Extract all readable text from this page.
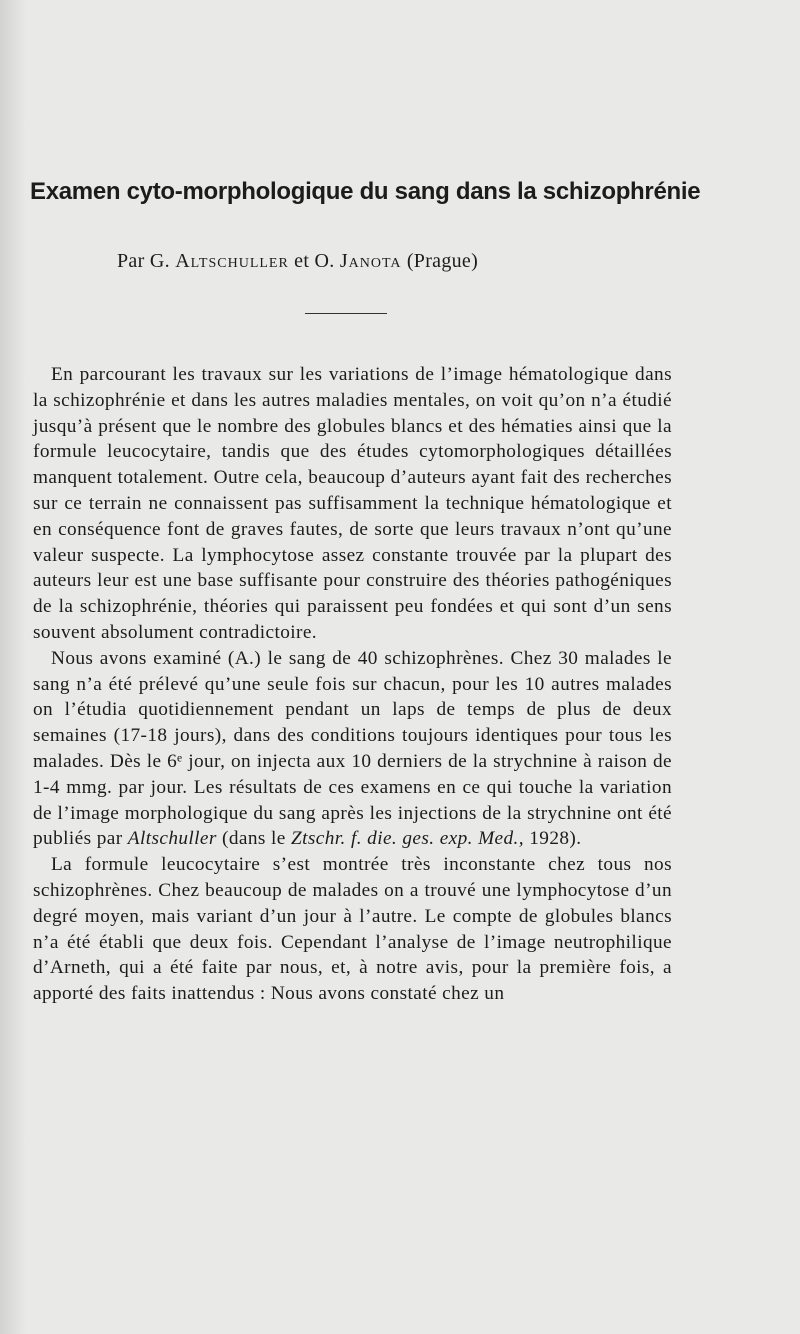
Examen cyto-morphologique du sang dans la schizophrénie
Par G. Altschuller et O. Janota (Prague)

En parcourant les travaux sur les variations de l’image hématologique dans la schizophrénie et dans les autres maladies mentales, on voit qu’on n’a étudié jusqu’à présent que le nombre des globules blancs et des hématies ainsi que la formule leucocytaire, tandis que des études cytomorphologiques détaillées manquent totalement. Outre cela, beaucoup d’auteurs ayant fait des recherches sur ce terrain ne connaissent pas suffisamment la technique hématologique et en conséquence font de graves fautes, de sorte que leurs travaux n’ont qu’une valeur suspecte. La lymphocytose assez constante trouvée par la plupart des auteurs leur est une base suffisante pour construire des théories pathogéniques de la schizophrénie, théories qui paraissent peu fondées et qui sont d’un sens souvent absolument contradictoire.

Nous avons examiné (A.) le sang de 40 schizophrènes. Chez 30 malades le sang n’a été prélevé qu’une seule fois sur chacun, pour les 10 autres malades on l’étudia quotidiennement pendant un laps de temps de plus de deux semaines (17-18 jours), dans des conditions toujours identiques pour tous les malades. Dès le 6ᵉ jour, on injecta aux 10 derniers de la strychnine à raison de 1-4 mmg. par jour. Les résultats de ces examens en ce qui touche la variation de l’image morphologique du sang après les injections de la strychnine ont été publiés par Altschuller (dans le Ztschr. f. die. ges. exp. Med., 1928).

La formule leucocytaire s’est montrée très inconstante chez tous nos schizophrènes. Chez beaucoup de malades on a trouvé une lymphocytose d’un degré moyen, mais variant d’un jour à l’autre. Le compte de globules blancs n’a été établi que deux fois. Cependant l’analyse de l’image neutrophilique d’Arneth, qui a été faite par nous, et, à notre avis, pour la première fois, a apporté des faits inattendus : Nous avons constaté chez un
